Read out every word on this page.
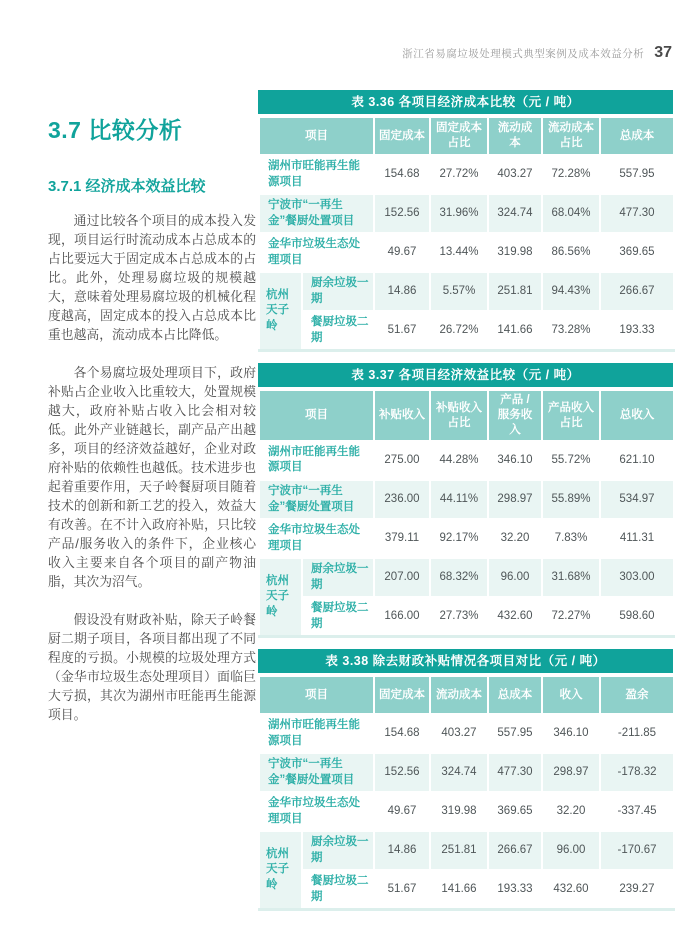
浙江省易腐垃圾处理模式典型案例及成本效益分析 37
3.7 比较分析
3.7.1 经济成本效益比较

通过比较各个项目的成本投入发现，项目运行时流动成本占总成本的占比要远大于固定成本占总成本的占比。此外，处理易腐垃圾的规模越大，意味着处理易腐垃圾的机械化程度越高，固定成本的投入占总成本比重也越高，流动成本占比降低。

各个易腐垃圾处理项目下，政府补贴占企业收入比重较大，处置规模越大，政府补贴占收入比会相对较低。此外产业链越长，副产品产出越多，项目的经济效益越好，企业对政府补贴的依赖性也越低。技术进步也起着重要作用，天子岭餐厨项目随着技术的创新和新工艺的投入，效益大有改善。在不计入政府补贴，只比较产品/服务收入的条件下，企业核心收入主要来自各个项目的副产物油脂，其次为沼气。

假设没有财政补贴，除天子岭餐厨二期子项目，各项目都出现了不同程度的亏损。小规模的垃圾处理方式（金华市垃圾生态处理项目）面临巨大亏损，其次为湖州市旺能再生能源项目。

表 3.36 各项目经济成本比较（元 / 吨）
项目		固定成本	固定成本占比	流动成本	流动成本占比	总成本
湖州市旺能再生能源项目		154.68	27.72%	403.27	72.28%	557.95
宁波市“一再生金”餐厨处置项目		152.56	31.96%	324.74	68.04%	477.30
金华市垃圾生态处理项目		49.67	13.44%	319.98	86.56%	369.65
杭州天子岭	厨余垃圾一期	14.86	5.57%	251.81	94.43%	266.67
	餐厨垃圾二期	51.67	26.72%	141.66	73.28%	193.33
表 3.37 各项目经济效益比较（元 / 吨）
项目		补贴收入	补贴收入占比	产品 / 服务收入	产品收入占比	总收入
湖州市旺能再生能源项目		275.00	44.28%	346.10	55.72%	621.10
宁波市“一再生金”餐厨处置项目		236.00	44.11%	298.97	55.89%	534.97
金华市垃圾生态处理项目		379.11	92.17%	32.20	7.83%	411.31
杭州天子岭	厨余垃圾一期	207.00	68.32%	96.00	31.68%	303.00
	餐厨垃圾二期	166.00	27.73%	432.60	72.27%	598.60
表 3.38 除去财政补贴情况各项目对比（元 / 吨）
项目		固定成本	流动成本	总成本	收入	盈余
湖州市旺能再生能源项目		154.68	403.27	557.95	346.10	-211.85
宁波市“一再生金”餐厨处置项目		152.56	324.74	477.30	298.97	-178.32
金华市垃圾生态处理项目		49.67	319.98	369.65	32.20	-337.45
杭州天子岭	厨余垃圾一期	14.86	251.81	266.67	96.00	-170.67
	餐厨垃圾二期	51.67	141.66	193.33	432.60	239.27
